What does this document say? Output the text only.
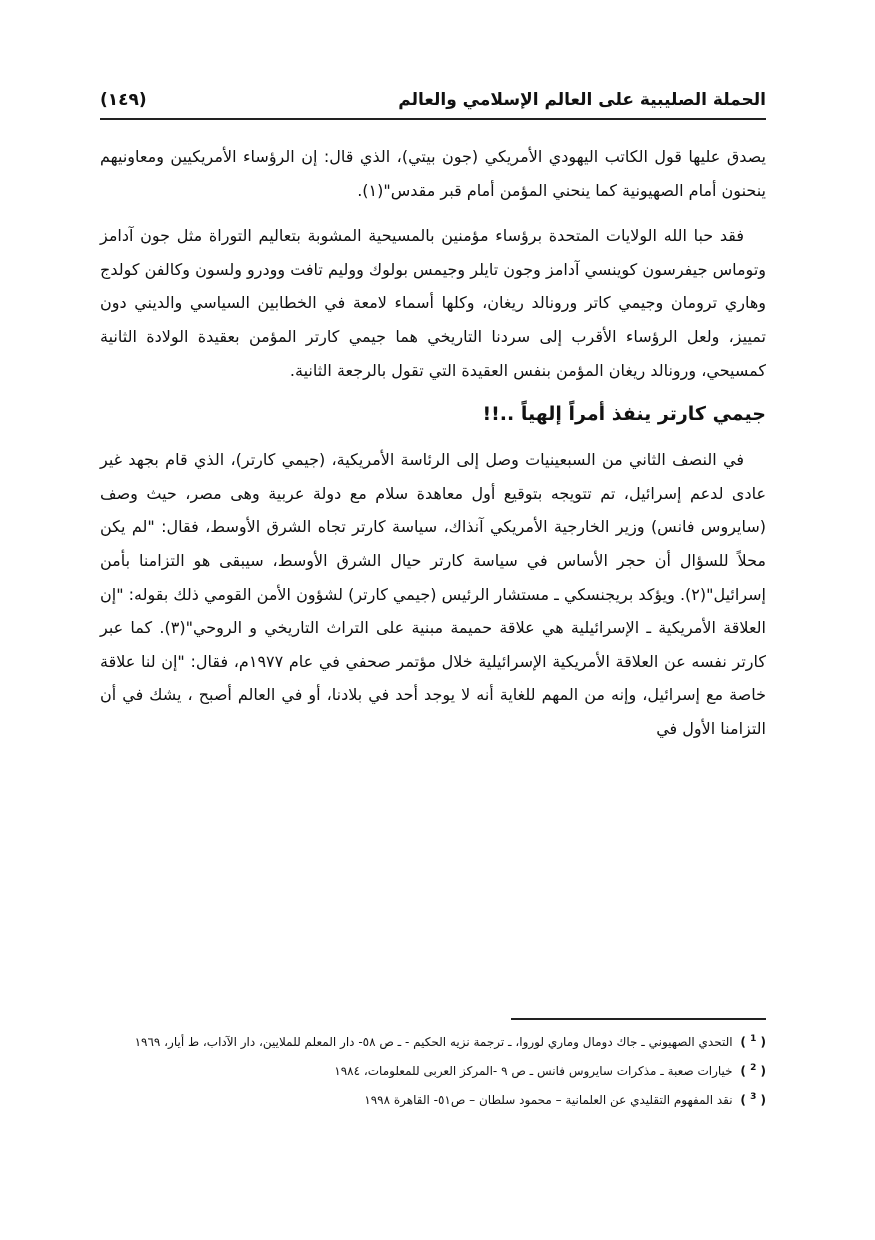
الحملة الصليبية على العالم الإسلامي والعالم
(١٤٩)

يصدق عليها قول الكاتب اليهودي الأمريكي (جون بيتي)، الذي قال: إن الرؤساء الأمريكيين ومعاونيهم ينحنون أمام الصهيونية كما ينحني المؤمن أمام قبر مقدس"(١).

فقد حبا الله الولايات المتحدة برؤساء مؤمنين بالمسيحية المشوبة بتعاليم التوراة مثل جون آدامز وتوماس جيفرسون كوينسي آدامز وجون تايلر وجيمس بولوك ووليم تافت وودرو ولسون وكالفن كولدج وهاري ترومان وجيمي كاتر ورونالد ريغان، وكلها أسماء لامعة في الخطابين السياسي والديني دون تمييز، ولعل الرؤساء الأقرب إلى سردنا التاريخي هما جيمي كارتر المؤمن بعقيدة الولادة الثانية كمسيحي، ورونالد ريغان المؤمن بنفس العقيدة التي تقول بالرجعة الثانية.

جيمي كارتر ينفذ أمراً إلهياً ..!!

في النصف الثاني من السبعينيات وصل إلى الرئاسة الأمريكية، (جيمي كارتر)، الذي قام بجهد غير عادى لدعم إسرائيل، تم تتويجه بتوقيع أول معاهدة سلام مع دولة عربية وهى مصر، حيث وصف (سايروس فانس) وزير الخارجية الأمريكي آنذاك، سياسة كارتر تجاه الشرق الأوسط، فقال: "لم يكن محلاً للسؤال أن حجر الأساس في سياسة كارتر حيال الشرق الأوسط، سيبقى هو التزامنا بأمن إسرائيل"(٢). ويؤكد بريجنسكي ـ مستشار الرئيس (جيمي كارتر) لشؤون الأمن القومي ذلك بقوله: "إن العلاقة الأمريكية ـ الإسرائيلية هي علاقة حميمة مبنية على التراث التاريخي و الروحي"(٣). كما عبر كارتر نفسه عن العلاقة الأمريكية الإسرائيلية خلال مؤتمر صحفي في عام ١٩٧٧م، فقال: "إن لنا علاقة خاصة مع إسرائيل، وإنه من المهم للغاية أنه لا يوجد أحد في بلادنا، أو في العالم أصبح ، يشك في أن التزامنا الأول في

( $^1$ ) التحدي الصهيوني ـ جاك دومال وماري لوروا، ـ ترجمة نزيه الحكيم - ـ ص ٥٨- دار المعلم للملايين، دار الآداب، ط أيار، ١٩٦٩

( $^2$ ) خيارات صعبة ـ مذكرات سايروس فانس ـ ص ٩ -المركز العربى للمعلومات، ١٩٨٤

( $^3$ ) نقد المفهوم التقليدي عن العلمانية – محمود سلطان – ص٥١- القاهرة ١٩٩٨
